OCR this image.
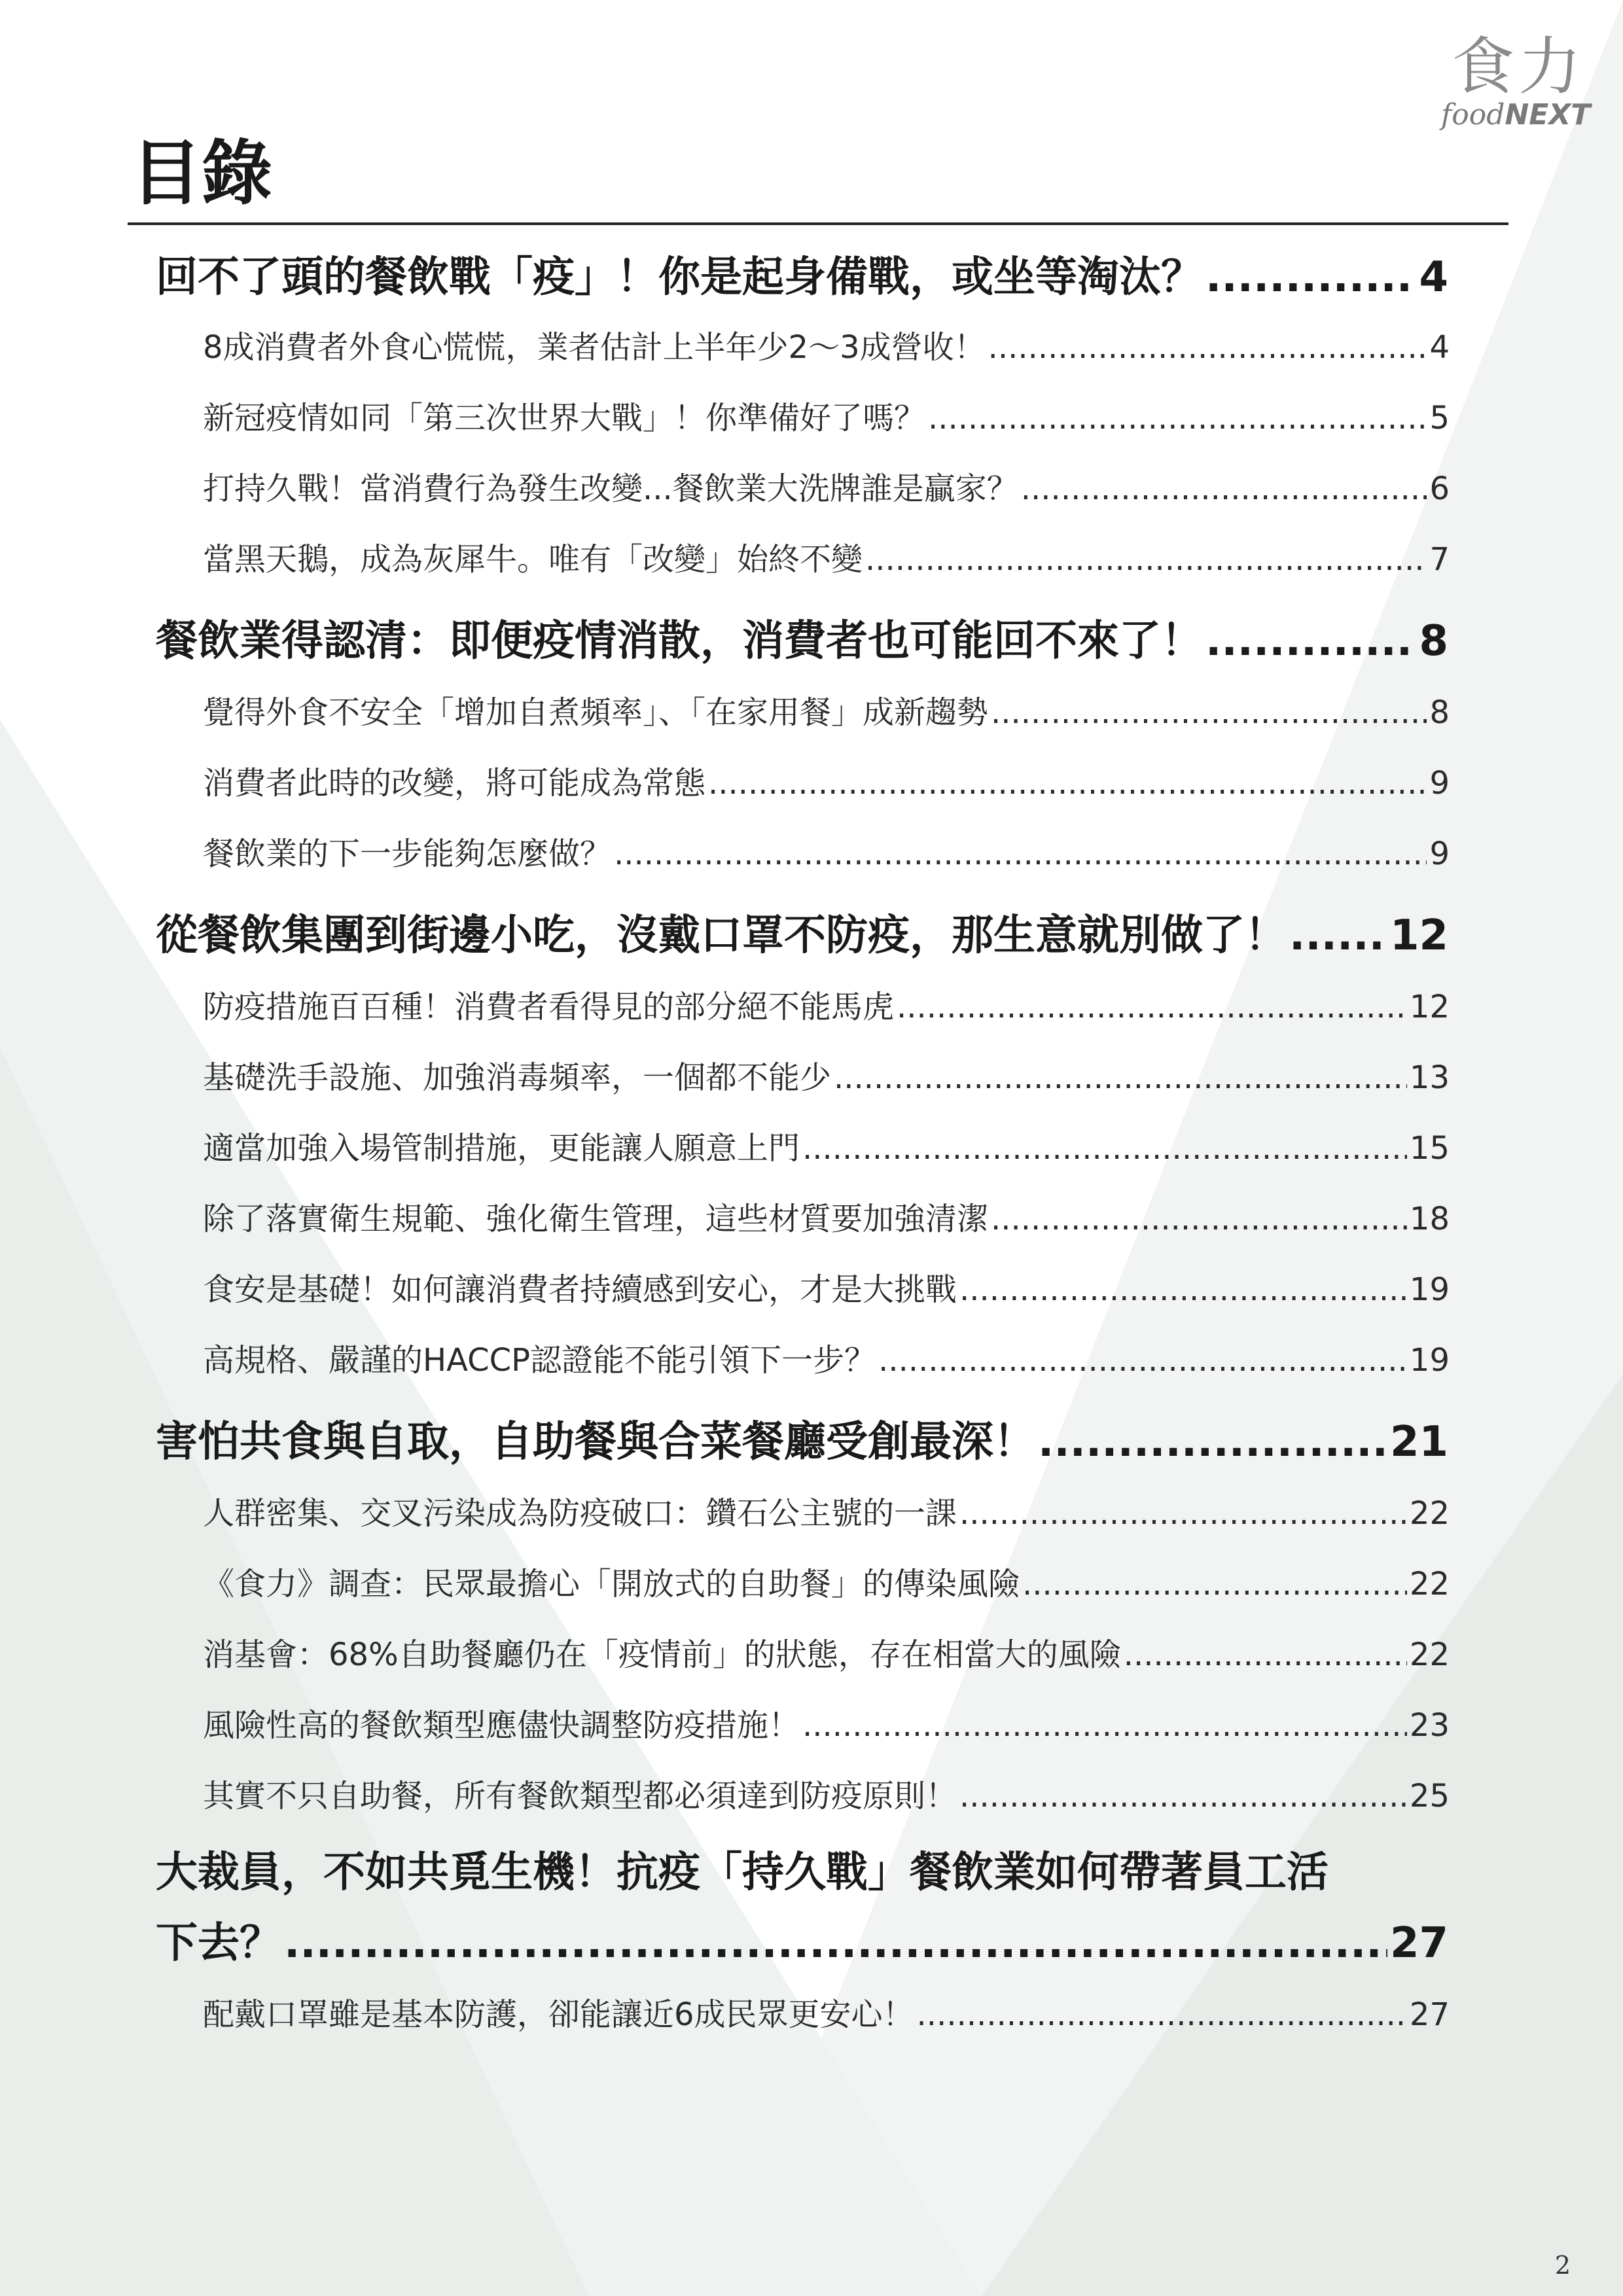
食力
foodNEXT
目錄
回不了頭的餐飲戰「疫」！你是起身備戰，或坐等淘汰？ .....	4
8成消費者外食心慌慌，業者估計上半年少2～3成營收！ .....	4
新冠疫情如同「第三次世界大戰」！你準備好了嗎？ .....	5
打持久戰！當消費行為發生改變...餐飲業大洗牌誰是贏家？ .....	6
當黑天鵝，成為灰犀牛。唯有「改變」始終不變 .....	7
餐飲業得認清：即便疫情消散，消費者也可能回不來了！ .....	8
覺得外食不安全「增加自煮頻率」、「在家用餐」成新趨勢 .....	8
消費者此時的改變，將可能成為常態 .....	9
餐飲業的下一步能夠怎麼做？ .....	9
從餐飲集團到街邊小吃，沒戴口罩不防疫，那生意就別做了！ ..... 12
防疫措施百百種！消費者看得見的部分絕不能馬虎 .....	12
基礎洗手設施、加強消毒頻率，一個都不能少 .....	13
適當加強入場管制措施，更能讓人願意上門 .....	15
除了落實衛生規範、強化衛生管理，這些材質要加強清潔 .....	18
食安是基礎！如何讓消費者持續感到安心，才是大挑戰 .....	19
高規格、嚴謹的HACCP認證能不能引領下一步？ .....	19
害怕共食與自取，自助餐與合菜餐廳受創最深！ .....	21
人群密集、交叉污染成為防疫破口：鑽石公主號的一課 .....	22
《食力》調查：民眾最擔心「開放式的自助餐」的傳染風險 .....	22
消基會：68%自助餐廳仍在「疫情前」的狀態，存在相當大的風險 .....	22
風險性高的餐飲類型應儘快調整防疫措施！ .....	23
其實不只自助餐，所有餐飲類型都必須達到防疫原則！ .....	25
大裁員，不如共覓生機！抗疫「持久戰」餐飲業如何帶著員工活
下去？ .....	27
配戴口罩雖是基本防護，卻能讓近6成民眾更安心！ .....	27
2
